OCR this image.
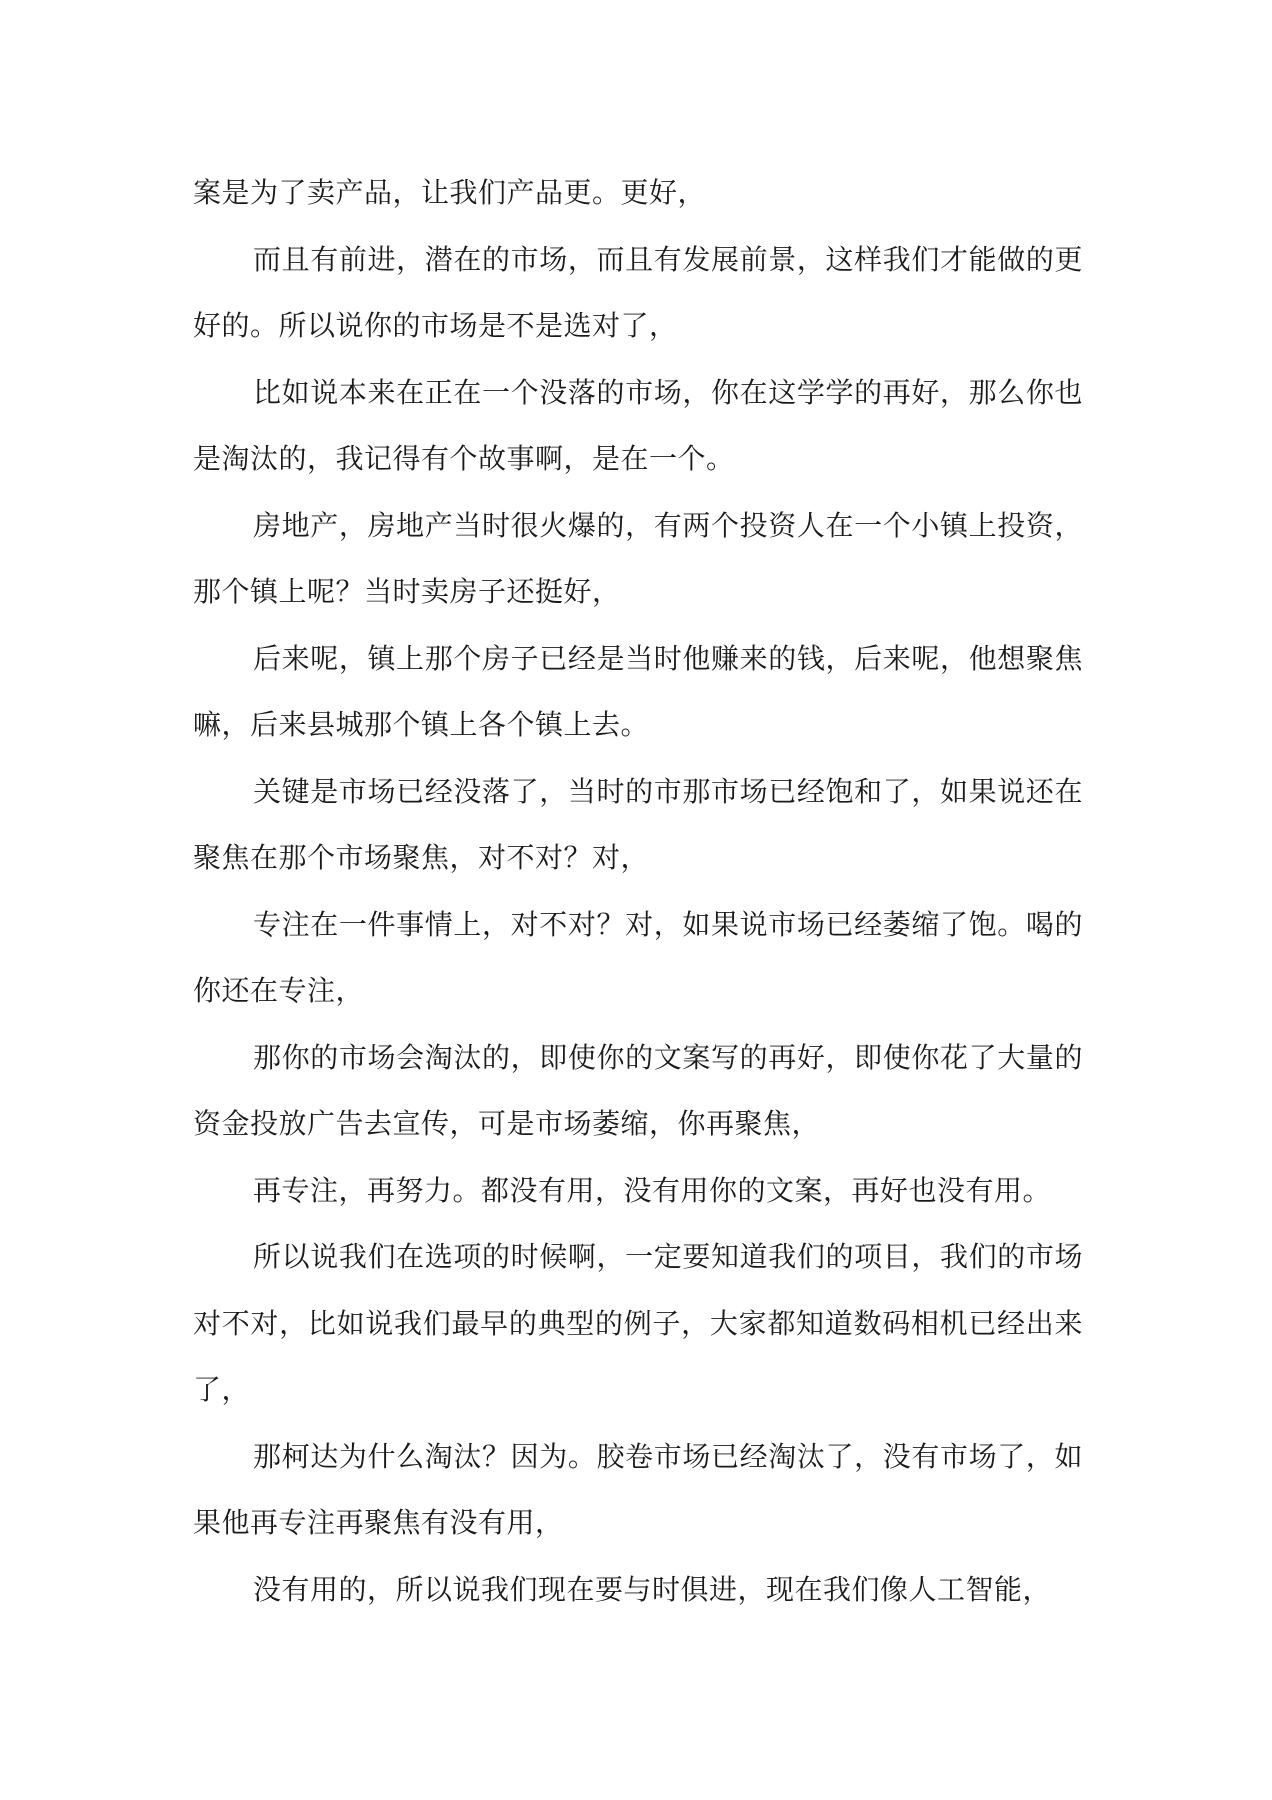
案是为了卖产品，让我们产品更。更好，

而且有前进，潜在的市场，而且有发展前景，这样我们才能做的更好的。所以说你的市场是不是选对了，

比如说本来在正在一个没落的市场，你在这学学的再好，那么你也是淘汰的，我记得有个故事啊，是在一个。

房地产，房地产当时很火爆的，有两个投资人在一个小镇上投资，那个镇上呢？当时卖房子还挺好，

后来呢，镇上那个房子已经是当时他赚来的钱，后来呢，他想聚焦嘛，后来县城那个镇上各个镇上去。

关键是市场已经没落了，当时的市那市场已经饱和了，如果说还在聚焦在那个市场聚焦，对不对？对，

专注在一件事情上，对不对？对，如果说市场已经萎缩了饱。喝的你还在专注，

那你的市场会淘汰的，即使你的文案写的再好，即使你花了大量的资金投放广告去宣传，可是市场萎缩，你再聚焦，

再专注，再努力。都没有用，没有用你的文案，再好也没有用。

所以说我们在选项的时候啊，一定要知道我们的项目，我们的市场对不对，比如说我们最早的典型的例子，大家都知道数码相机已经出来了，

那柯达为什么淘汰？因为。胶卷市场已经淘汰了，没有市场了，如果他再专注再聚焦有没有用，

没有用的，所以说我们现在要与时俱进，现在我们像人工智能，
